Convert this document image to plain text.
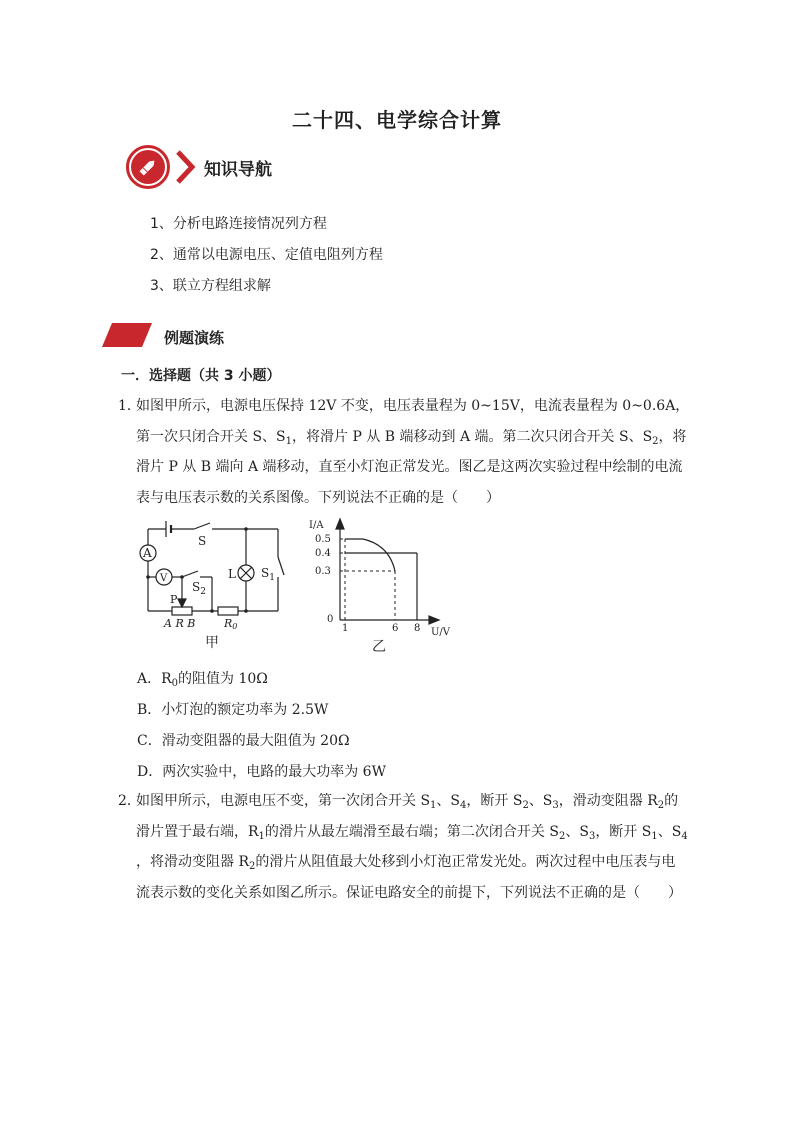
二十四、电学综合计算
知识导航
1、分析电路连接情况列方程
2、通常以电源电压、定值电阻列方程
3、联立方程组求解
例题演练
一．选择题（共 3 小题）
1．如图甲所示，电源电压保持 12V 不变，电压表量程为 0~15V，电流表量程为 0~0.6A，
第一次只闭合开关 S、$S_1$，将滑片 P 从 B 端移动到 A 端。第二次只闭合开关 S、$S_2$，将
滑片 P 从 B 端向 A 端移动，直至小灯泡正常发光。图乙是这两次实验过程中绘制的电流
表与电压表示数的关系图像。下列说法不正确的是（　　）
A
V
S
$S_2$
$S_1$
L
P
A R B	R0
甲
I/A
0.5
0.4
0.3
0
1	6 8 U/V
乙
A．$R_0$的阻值为 10Ω
B．小灯泡的额定功率为 2.5W
C．滑动变阻器的最大阻值为 20Ω
D．两次实验中，电路的最大功率为 6W
2．如图甲所示，电源电压不变，第一次闭合开关 $S_1$、$S_4$，断开 $S_2$、$S_3$，滑动变阻器 $R_2$的
滑片置于最右端，$R_1$的滑片从最左端滑至最右端；第二次闭合开关 $S_2$、$S_3$，断开 $S_1$、$S_4$
，将滑动变阻器 $R_2$的滑片从阻值最大处移到小灯泡正常发光处。两次过程中电压表与电
流表示数的变化关系如图乙所示。保证电路安全的前提下，下列说法不正确的是（　　）
